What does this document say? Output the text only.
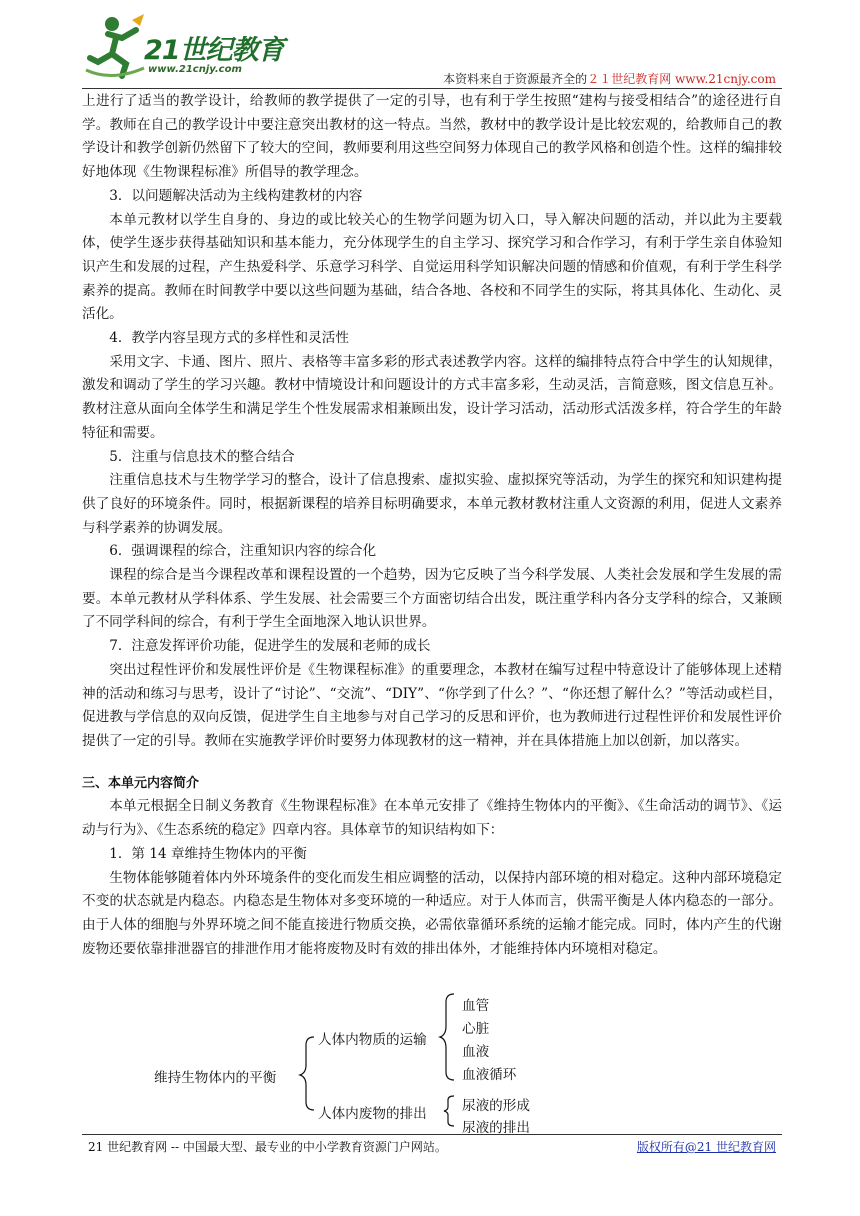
21世纪教育
www.21cnjy.com
本资料来自于资源最齐全的２１世纪教育网 www.21cnjy.com

上进行了适当的教学设计，给教师的教学提供了一定的引导，也有利于学生按照“建构与接受相结合”的途径进行自学。教师在自己的教学设计中要注意突出教材的这一特点。当然，教材中的教学设计是比较宏观的，给教师自己的教学设计和教学创新仍然留下了较大的空间，教师要利用这些空间努力体现自己的教学风格和创造个性。这样的编排较好地体现《生物课程标准》所倡导的教学理念。

3．以问题解决活动为主线构建教材的内容

本单元教材以学生自身的、身边的或比较关心的生物学问题为切入口，导入解决问题的活动，并以此为主要载体，使学生逐步获得基础知识和基本能力，充分体现学生的自主学习、探究学习和合作学习，有利于学生亲自体验知识产生和发展的过程，产生热爱科学、乐意学习科学、自觉运用科学知识解决问题的情感和价值观，有利于学生科学素养的提高。教师在时间教学中要以这些问题为基础，结合各地、各校和不同学生的实际，将其具体化、生动化、灵活化。

4．教学内容呈现方式的多样性和灵活性

采用文字、卡通、图片、照片、表格等丰富多彩的形式表述教学内容。这样的编排特点符合中学生的认知规律，激发和调动了学生的学习兴趣。教材中情境设计和问题设计的方式丰富多彩，生动灵活，言简意赅，图文信息互补。教材注意从面向全体学生和满足学生个性发展需求相兼顾出发，设计学习活动，活动形式活泼多样，符合学生的年龄特征和需要。

5．注重与信息技术的整合结合

注重信息技术与生物学学习的整合，设计了信息搜索、虚拟实验、虚拟探究等活动，为学生的探究和知识建构提供了良好的环境条件。同时，根据新课程的培养目标明确要求，本单元教材教材注重人文资源的利用，促进人文素养与科学素养的协调发展。

6．强调课程的综合，注重知识内容的综合化

课程的综合是当今课程改革和课程设置的一个趋势，因为它反映了当今科学发展、人类社会发展和学生发展的需要。本单元教材从学科体系、学生发展、社会需要三个方面密切结合出发，既注重学科内各分支学科的综合，又兼顾了不同学科间的综合，有利于学生全面地深入地认识世界。

7．注意发挥评价功能，促进学生的发展和老师的成长

突出过程性评价和发展性评价是《生物课程标准》的重要理念，本教材在编写过程中特意设计了能够体现上述精神的活动和练习与思考，设计了“讨论”、“交流”、“DIY”、“你学到了什么？”、“你还想了解什么？”等活动或栏目，促进教与学信息的双向反馈，促进学生自主地参与对自己学习的反思和评价，也为教师进行过程性评价和发展性评价提供了一定的引导。教师在实施教学评价时要努力体现教材的这一精神，并在具体措施上加以创新，加以落实。

三、本单元内容简介

本单元根据全日制义务教育《生物课程标准》在本单元安排了《维持生物体内的平衡》、《生命活动的调节》、《运动与行为》、《生态系统的稳定》四章内容。具体章节的知识结构如下：

1．第 14 章维持生物体内的平衡

生物体能够随着体内外环境条件的变化而发生相应调整的活动，以保持内部环境的相对稳定。这种内部环境稳定不变的状态就是内稳态。内稳态是生物体对多变环境的一种适应。对于人体而言，供需平衡是人体内稳态的一部分。由于人体的细胞与外界环境之间不能直接进行物质交换，必需依靠循环系统的运输才能完成。同时，体内产生的代谢废物还要依靠排泄器官的排泄作用才能将废物及时有效的排出体外，才能维持体内环境相对稳定。

维持生物体内的平衡
人体内物质的运输
血管
心脏
血液
血液循环
人体内废物的排出	尿液的形成
尿液的排出
21 世纪教育网 -- 中国最大型、最专业的中小学教育资源门户网站。	版权所有@21 世纪教育网
